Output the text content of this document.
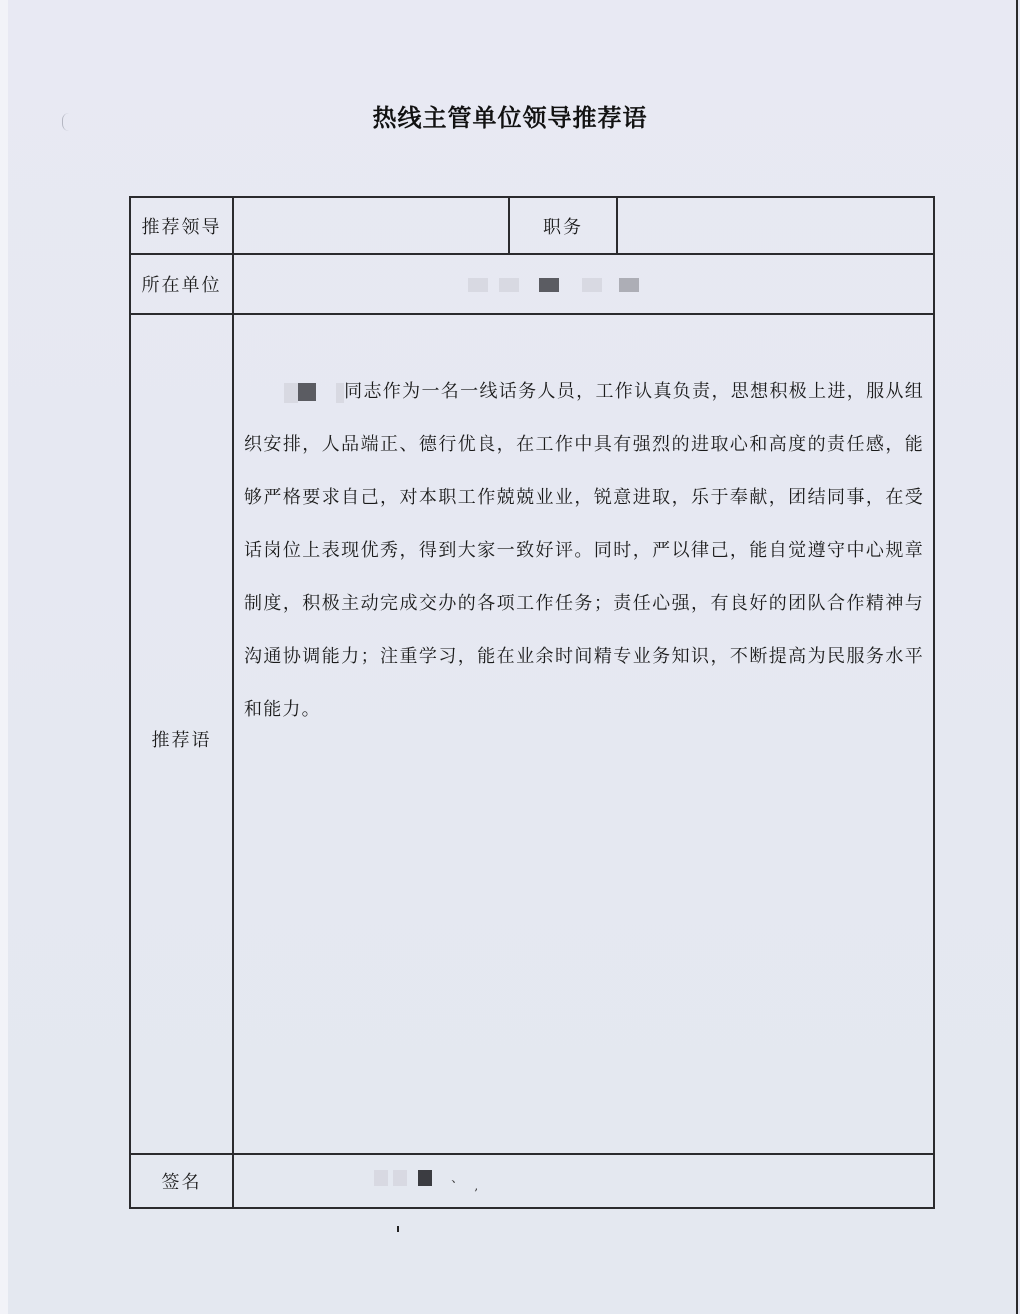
热线主管单位领导推荐语
推荐领导		职务	
所在单位			
推荐语	同志作为一名一线话务人员，工作认真负责，思想积极上进，服从组织安排，人品端正、德行优良，在工作中具有强烈的进取心和高度的责任感，能够严格要求自己，对本职工作兢兢业业，锐意进取，乐于奉献，团结同事，在受话岗位上表现优秀，得到大家一致好评。同时，严以律己，能自觉遵守中心规章制度，积极主动完成交办的各项工作任务；责任心强，有良好的团队合作精神与沟通协调能力；注重学习，能在业余时间精专业务知识，不断提高为民服务水平和能力。		

签名	、 ,		
